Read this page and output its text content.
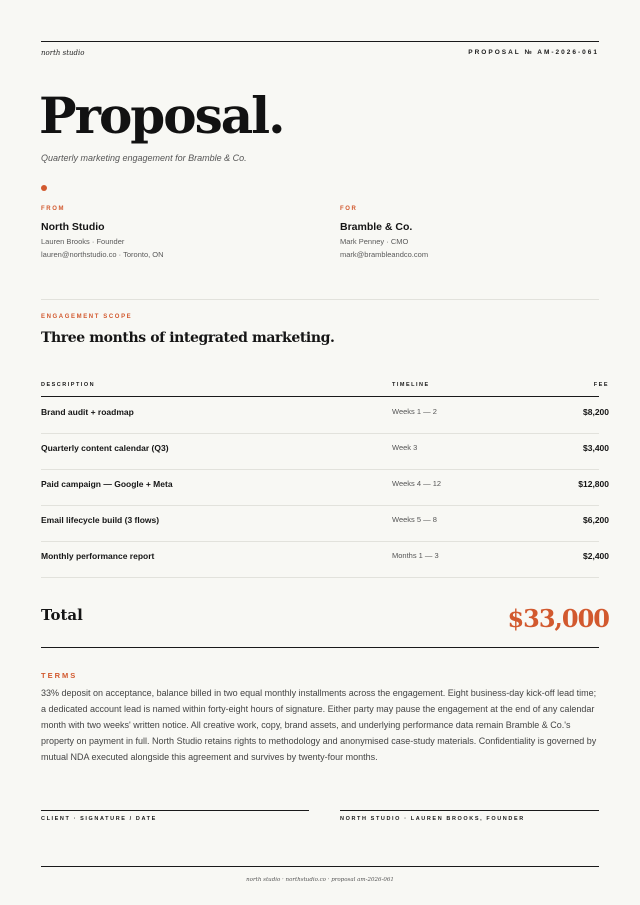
north studio	PROPOSAL № AM-2026-061
Proposal.
Quarterly marketing engagement for Bramble & Co.
FROM
North Studio
Lauren Brooks · Founder
lauren@northstudio.co · Toronto, ON
FOR
Bramble & Co.
Mark Penney · CMO
mark@brambleandco.com
ENGAGEMENT SCOPE
Three months of integrated marketing.
DESCRIPTION	TIMELINE	FEE
Brand audit + roadmap	Weeks 1 — 2	$8,200
Quarterly content calendar (Q3)	Week 3	$3,400
Paid campaign — Google + Meta	Weeks 4 — 12	$12,800
Email lifecycle build (3 flows)	Weeks 5 — 8	$6,200
Monthly performance report	Months 1 — 3	$2,400
Total	$33,000
TERMS

33% deposit on acceptance, balance billed in two equal monthly installments across the engagement. Eight business-day kick-off lead time; a dedicated account lead is named within forty-eight hours of signature. Either party may pause the engagement at the end of any calendar month with two weeks' written notice. All creative work, copy, brand assets, and underlying performance data remain Bramble & Co.'s property on payment in full. North Studio retains rights to methodology and anonymised case-study materials. Confidentiality is governed by mutual NDA executed alongside this agreement and survives by twenty-four months.

CLIENT · SIGNATURE / DATE	NORTH STUDIO · LAUREN BROOKS, FOUNDER
north studio · northstudio.co · proposal am-2026-061
